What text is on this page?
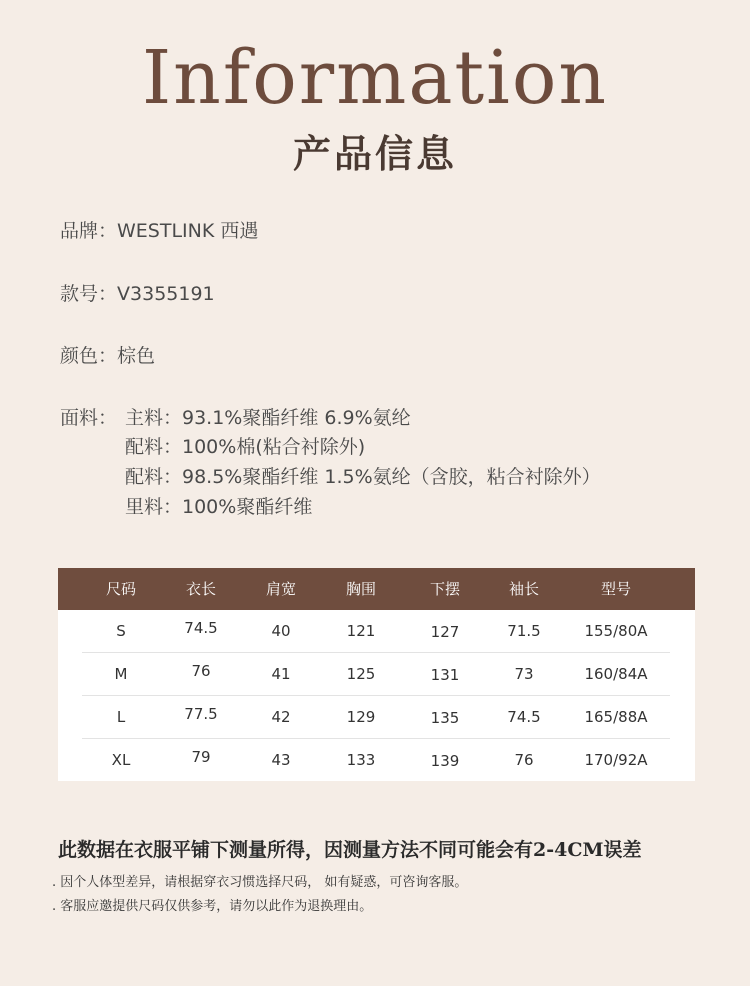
Information
产品信息
品牌：WESTLINK 西遇
款号：V3355191
颜色：棕色
面料： 主料：93.1%聚酯纤维 6.9%氨纶
配料：100%棉(粘合衬除外)
配料：98.5%聚酯纤维 1.5%氨纶（含胶，粘合衬除外）
里料：100%聚酯纤维
尺码	衣长	肩宽	胸围	下摆	袖长	型号
S	74.5	40	121	127	71.5	155/80A
M	76	41	125	131	73	160/84A
L	77.5	42	129	135	74.5	165/88A
XL	79	43	133	139	76	170/92A
此数据在衣服平铺下测量所得，因测量方法不同可能会有2-4CM误差
. 因个人体型差异，请根据穿衣习惯选择尺码， 如有疑惑，可咨询客服。
. 客服应邀提供尺码仅供参考，请勿以此作为退换理由。
